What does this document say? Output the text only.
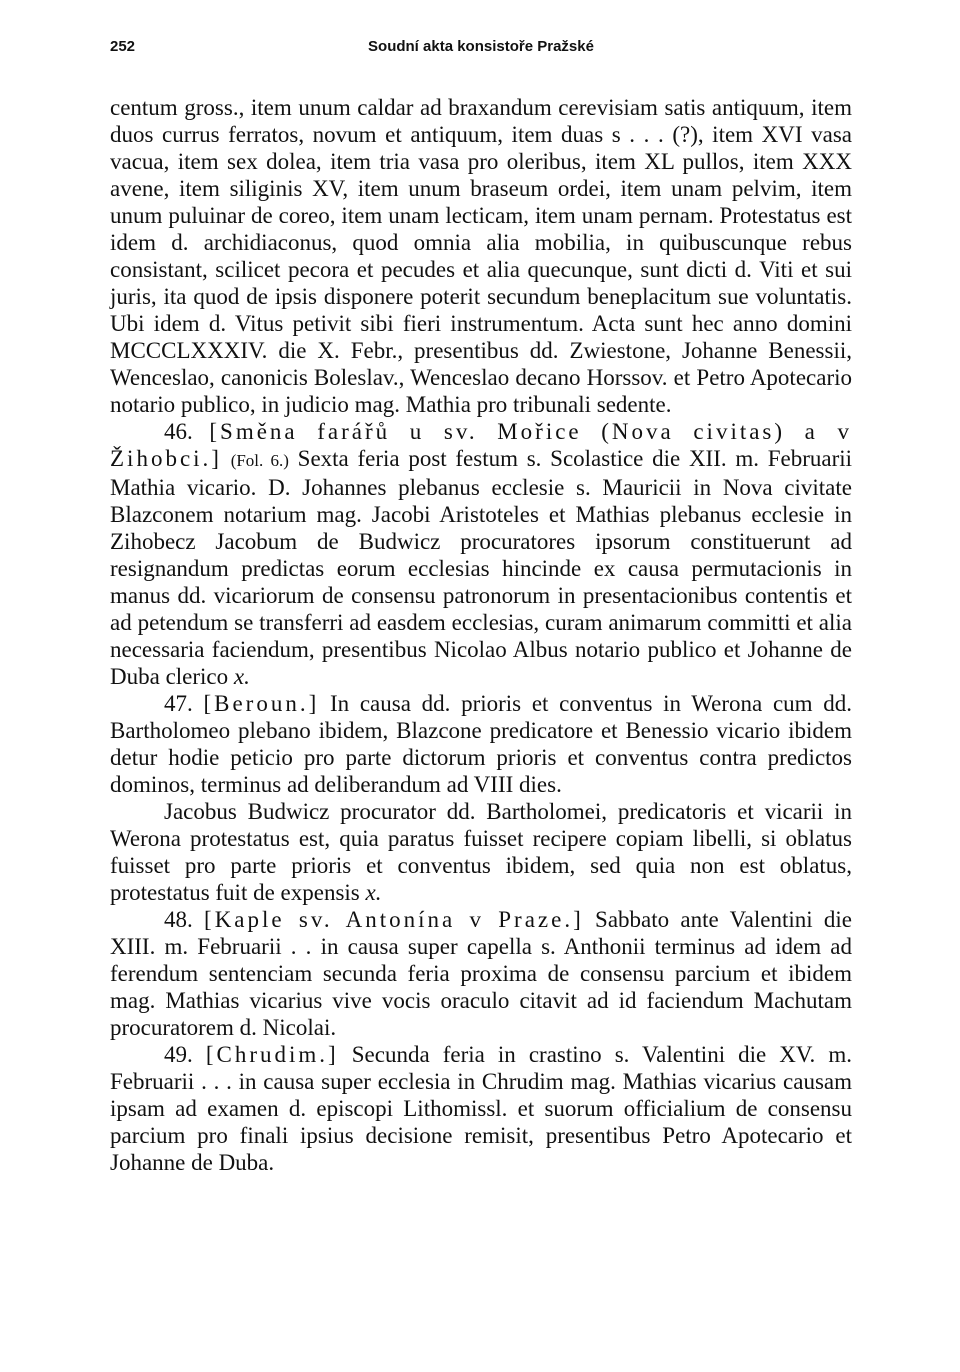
252	Soudní akta konsistoře Pražské

centum gross., item unum caldar ad braxandum cerevisiam satis antiquum, item duos currus ferratos, novum et antiquum, item duas s . . . (?), item XVI vasa vacua, item sex dolea, item tria vasa pro oleribus, item XL pullos, item XXX avene, item siliginis XV, item unum braseum ordei, item unam pelvim, item unum puluinar de coreo, item unam lecticam, item unam pernam. Protestatus est idem d. archidiaconus, quod omnia alia mobilia, in quibuscunque rebus consistant, scilicet pecora et pecudes et alia quecunque, sunt dicti d. Viti et sui juris, ita quod de ipsis disponere poterit secundum beneplacitum sue voluntatis. Ubi idem d. Vitus petivit sibi fieri instrumentum. Acta sunt hec anno domini MCCCLXXXIV. die X. Febr., presentibus dd. Zwiestone, Johanne Benessii, Wenceslao, canonicis Boleslav., Wenceslao decano Horssov. et Petro Apotecario notario publico, in judicio mag. Mathia pro tribunali sedente.

46. [Směna farářů u sv. Mořice (Nova civitas) a v Žihobci.] (Fol. 6.) Sexta feria post festum s. Scolastice die XII. m. Februarii Mathia vicario. D. Johannes plebanus ecclesie s. Mauricii in Nova civitate Blazconem notarium mag. Jacobi Aristoteles et Mathias plebanus ecclesie in Zihobecz Jacobum de Budwicz procuratores ipsorum constituerunt ad resignandum predictas eorum ecclesias hincinde ex causa permutacionis in manus dd. vicariorum de consensu patronorum in presentacionibus contentis et ad petendum se transferri ad easdem ecclesias, curam animarum committi et alia necessaria faciendum, presentibus Nicolao Albus notario publico et Johanne de Duba clerico x.

47. [Beroun.] In causa dd. prioris et conventus in Werona cum dd. Bartholomeo plebano ibidem, Blazcone predicatore et Benessio vicario ibidem detur hodie peticio pro parte dictorum prioris et conventus contra predictos dominos, terminus ad deliberandum ad VIII dies.

Jacobus Budwicz procurator dd. Bartholomei, predicatoris et vicarii in Werona protestatus est, quia paratus fuisset recipere copiam libelli, si oblatus fuisset pro parte prioris et conventus ibidem, sed quia non est oblatus, protestatus fuit de expensis x.

48. [Kaple sv. Antonína v Praze.] Sabbato ante Valentini die XIII. m. Februarii . . in causa super capella s. Anthonii terminus ad idem ad ferendum sentenciam secunda feria proxima de consensu parcium et ibidem mag. Mathias vicarius vive vocis oraculo citavit ad id faciendum Machutam procuratorem d. Nicolai.

49. [Chrudim.] Secunda feria in crastino s. Valentini die XV. m. Februarii . . . in causa super ecclesia in Chrudim mag. Mathias vicarius causam ipsam ad examen d. episcopi Lithomissl. et suorum officialium de consensu parcium pro finali ipsius decisione remisit, presentibus Petro Apotecario et Johanne de Duba.
